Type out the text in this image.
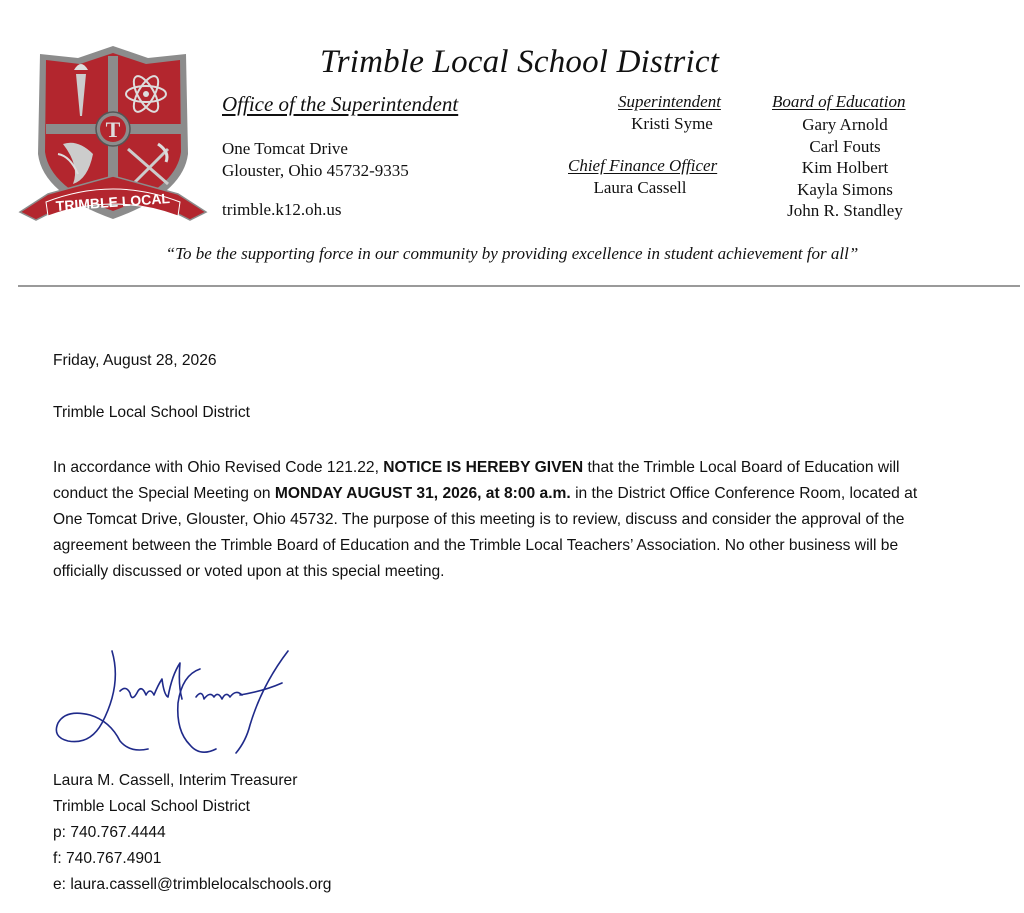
T
TRIMBLE LOCAL
Trimble Local School District
Office of the Superintendent
One Tomcat Drive
Glouster, Ohio 45732-9335
trimble.k12.oh.us
Superintendent
Kristi Syme
Chief Finance Officer
Laura Cassell
Board of Education
Gary Arnold
Carl Fouts
Kim Holbert
Kayla Simons
John R. Standley
“To be the supporting force in our community by providing excellence in student achievement for all”
Friday, August 28, 2026
Trimble Local School District

In accordance with Ohio Revised Code 121.22, NOTICE IS HEREBY GIVEN that the Trimble Local Board of Education will

conduct the Special Meeting on MONDAY AUGUST 31, 2026, at 8:00 a.m. in the District Office Conference Room, located at

One Tomcat Drive, Glouster, Ohio 45732. The purpose of this meeting is to review, discuss and consider the approval of the

agreement between the Trimble Board of Education and the Trimble Local Teachers’ Association. No other business will be

officially discussed or voted upon at this special meeting.

Laura M. Cassell, Interim Treasurer
Trimble Local School District
p: 740.767.4444
f: 740.767.4901
e: laura.cassell@trimblelocalschools.org
